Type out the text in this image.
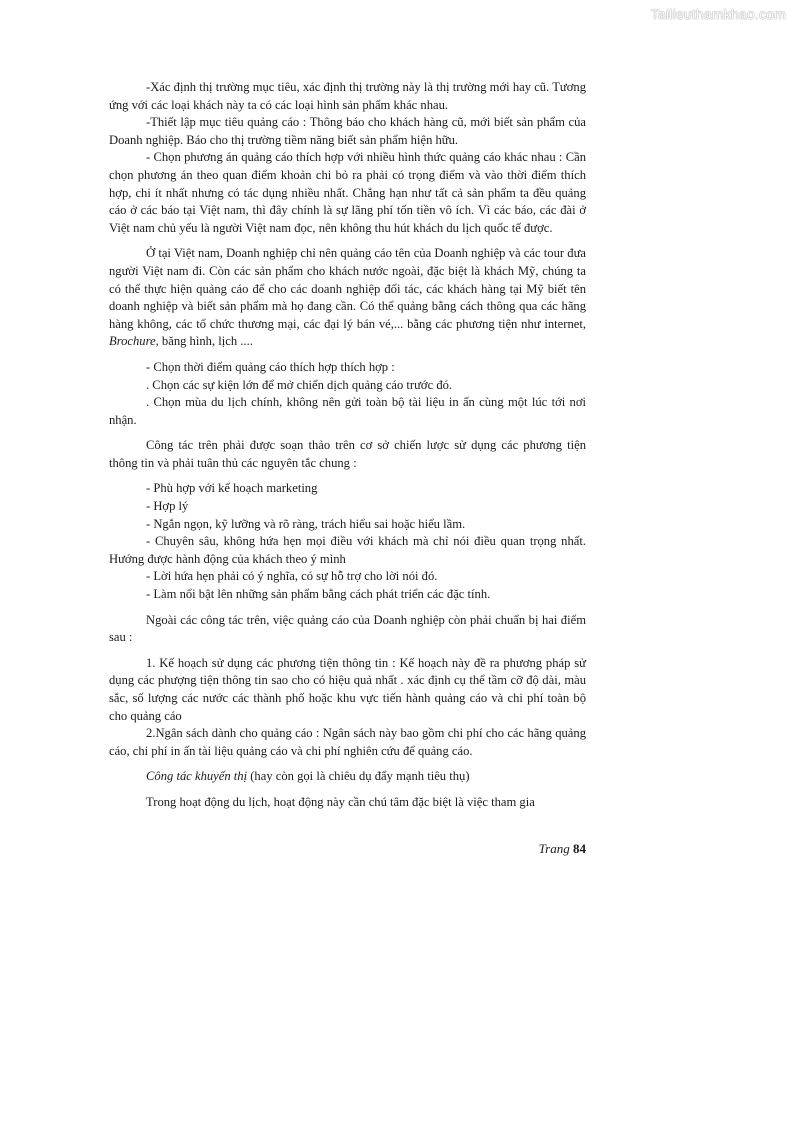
Tailieuthamkhao.com

-Xác định thị trường mục tiêu, xác định thị trường này là thị trường mới hay cũ. Tương ứng với các loại khách này ta có các loại hình sản phẩm khác nhau.

-Thiết lập mục tiêu quảng cáo : Thông báo cho khách hàng cũ, mới biết sản phẩm của Doanh nghiệp. Báo cho thị trường tiềm năng biết sản phẩm hiện hữu.

- Chọn phương án quảng cáo thích hợp với nhiều hình thức quảng cáo khác nhau : Cần chọn phương án theo quan điểm khoản chi bỏ ra phải có trọng điểm và vào thời điểm thích hợp, chi ít nhất nhưng có tác dụng nhiều nhất. Chẳng hạn như tất cả sản phẩm ta đều quảng cáo ở các báo tại Việt nam, thì đây chính là sự lãng phí tốn tiền vô ích. Vì các báo, các đài ở Việt nam chủ yếu là người Việt nam đọc, nên không thu hút khách du lịch quốc tế được.

Ở tại Việt nam, Doanh nghiệp chỉ nên quảng cáo tên của Doanh nghiệp và các tour đưa người Việt nam đi. Còn các sản phẩm cho khách nước ngoài, đặc biệt là khách Mỹ, chúng ta có thể thực hiện quảng cáo để cho các doanh nghiệp đối tác, các khách hàng tại Mỹ biết tên doanh nghiệp và biết sản phẩm mà họ đang cần. Có thể quảng bằng cách thông qua các hãng hàng không, các tổ chức thương mại, các đại lý bán vé,... bằng các phương tiện như internet, Brochure, băng hình, lịch ....

- Chọn thời điểm quảng cáo thích hợp thích hợp :

. Chọn các sự kiện lớn để mở chiến dịch quảng cáo trước đó.

. Chọn mùa du lịch chính, không nên gửi toàn bộ tài liệu in ấn cùng một lúc tới nơi nhận.

Công tác trên phải được soạn thảo trên cơ sở chiến lược sử dụng các phương tiện thông tin và phải tuân thủ các nguyên tắc chung :

- Phù hợp với kế hoạch marketing

- Hợp lý

- Ngắn ngọn, kỹ lưỡng và rõ ràng, trách hiểu sai hoặc hiểu lầm.

- Chuyên sâu, không hứa hẹn mọi điều với khách mà chỉ nói điều quan trọng nhất. Hướng được hành động của khách theo ý mình

- Lời hứa hẹn phải có ý nghĩa, có sự hỗ trợ cho lời nói đó.

- Làm nổi bật lên những sản phẩm bằng cách phát triển các đặc tính.

Ngoài các công tác trên, việc quảng cáo của Doanh nghiệp còn phải chuẩn bị hai điểm sau :

1. Kế hoạch sử dụng các phương tiện thông tin : Kế hoạch này đề ra phương pháp sử dụng các phượng tiện thông tin sao cho có hiệu quả nhất . xác định cụ thể tầm cỡ độ dài, màu sắc, số lượng các nước các thành phố hoặc khu vực tiến hành quảng cáo và chi phí toàn bộ cho quảng cáo

2.Ngân sách dành cho quảng cáo : Ngân sách này bao gồm chi phí cho các hãng quảng cáo, chi phí in ấn tài liệu quảng cáo và chi phí nghiên cứu để quảng cáo.

Công tác khuyến thị (hay còn gọi là chiêu dụ đẩy mạnh tiêu thụ)

Trong hoạt động du lịch, hoạt động này cần chú tâm đặc biệt là việc tham gia

Trang 84
